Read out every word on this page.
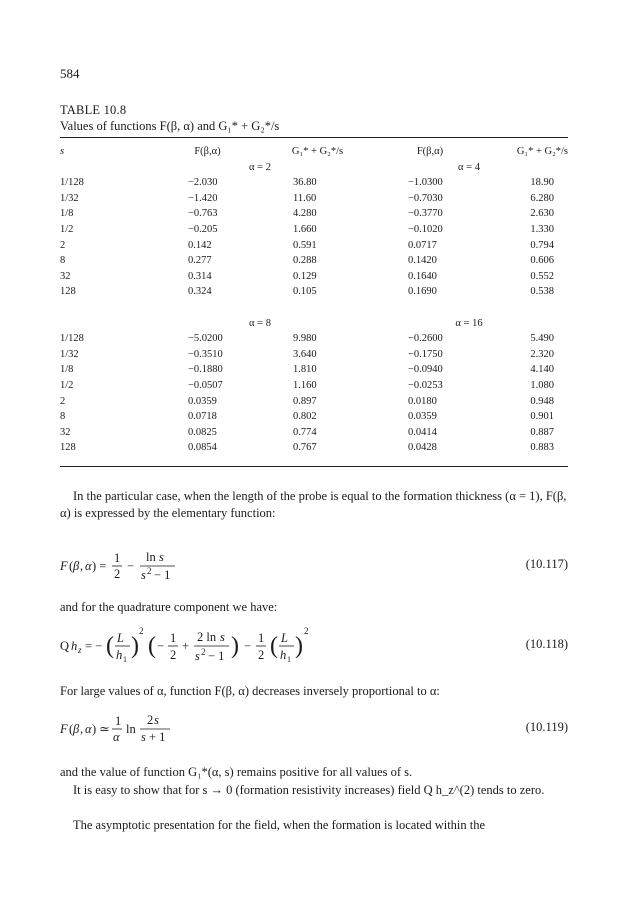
584
TABLE 10.8
Values of functions F(β, α) and G₁* + G₂*/s
s	F(β,α)	G₁* + G₂*/s	F(β,α)	G₁* + G₂*/s
	α = 2		α = 4	
1/128	−2.030	36.80	−1.0300	18.90
1/32	−1.420	11.60	−0.7030	6.280
1/8	−0.763	4.280	−0.3770	2.630
1/2	−0.205	1.660	−0.1020	1.330
2	0.142	0.591	0.0717	0.794
8	0.277	0.288	0.1420	0.606
32	0.314	0.129	0.1640	0.552
128	0.324	0.105	0.1690	0.538

	α = 8		α = 16	
1/128	−5.0200	9.980	−0.2600	5.490
1/32	−0.3510	3.640	−0.1750	2.320
1/8	−0.1880	1.810	−0.0940	4.140
1/2	−0.0507	1.160	−0.0253	1.080
2	0.0359	0.897	0.0180	0.948
8	0.0718	0.802	0.0359	0.901
32	0.0825	0.774	0.0414	0.887
128	0.0854	0.767	0.0428	0.883
In the particular case, when the length of the probe is equal to the formation thickness (α = 1), F(β, α) is expressed by the elementary function:
F ( β , α ) =
1
2
−
ln s
s 2 − 1
(10.117)
and for the quadrature component we have:
Q h z = − ( L
h 1
)
2
( −
1
2
+
2 ln s
s 2 − 1 ) −
1
2 ( L
h 1
)
2
(10.118)
For large values of α, function F(β, α) decreases inversely proportional to α:
F ( β , α ) ≃
1
α
ln
2 s
s + 1
(10.119)
and the value of function G₁*(α, s) remains positive for all values of s.
It is easy to show that for s → 0 (formation resistivity increases) field Q h_z^(2) tends to zero.
The asymptotic presentation for the field, when the formation is located within the
